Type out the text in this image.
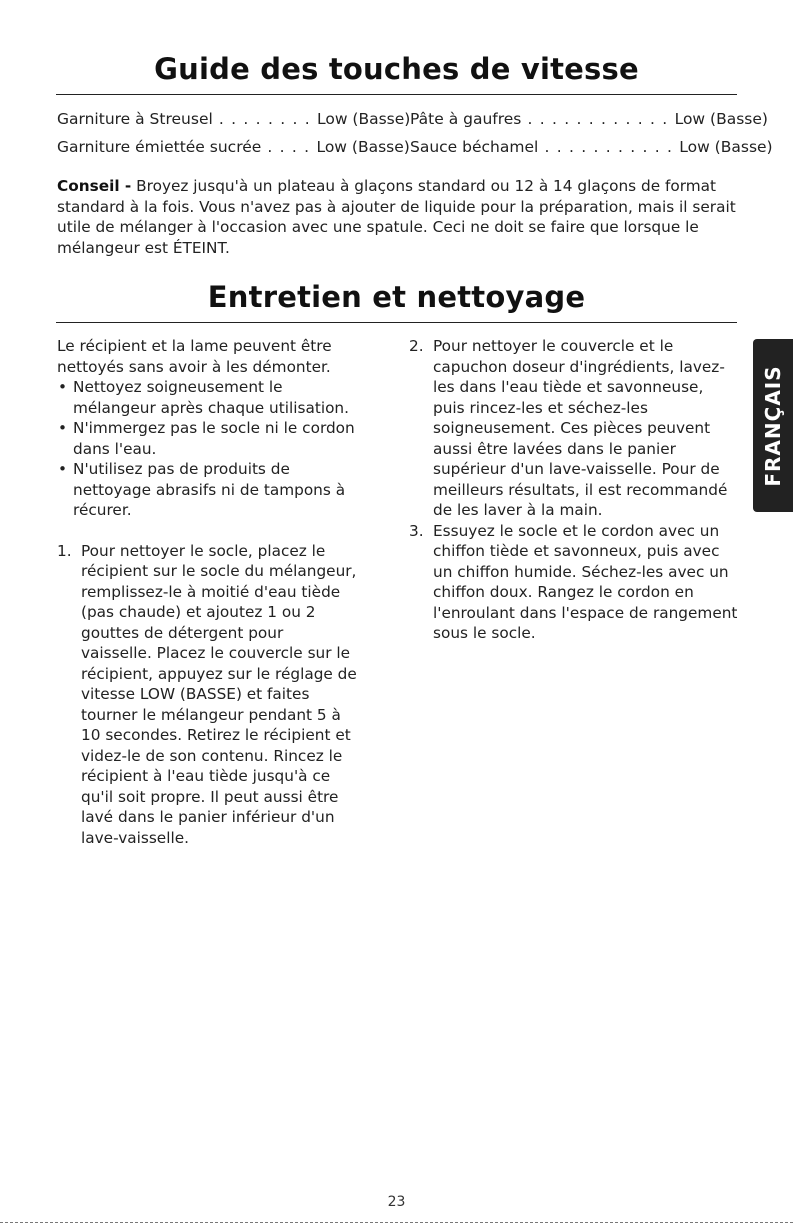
Guide des touches de vitesse
Garniture à Streusel . . . . . . . . Low (Basse)
Garniture émiettée sucrée . . . . Low (Basse)
Pâte à gaufres . . . . . . . . . . . . Low (Basse)
Sauce béchamel . . . . . . . . . . . Low (Basse)
Conseil - Broyez jusqu'à un plateau à glaçons standard ou 12 à 14 glaçons de format standard à la fois. Vous n'avez pas à ajouter de liquide pour la préparation, mais il serait utile de mélanger à l'occasion avec une spatule. Ceci ne doit se faire que lorsque le mélangeur est ÉTEINT.
Entretien et nettoyage

Le récipient et la lame peuvent être nettoyés sans avoir à les démonter.

• Nettoyez soigneusement le mélangeur après chaque utilisation.
• N'immergez pas le socle ni le cordon dans l'eau.
• N'utilisez pas de produits de nettoyage abrasifs ni de tampons à récurer.
1. Pour nettoyer le socle, placez le récipient sur le socle du mélangeur, remplissez-le à moitié d'eau tiède (pas chaude) et ajoutez 1 ou 2 gouttes de détergent pour vaisselle. Placez le couvercle sur le récipient, appuyez sur le réglage de vitesse LOW (BASSE) et faites tourner le mélangeur pendant 5 à 10 secondes. Retirez le récipient et videz-le de son contenu. Rincez le récipient à l'eau tiède jusqu'à ce qu'il soit propre. Il peut aussi être lavé dans le panier inférieur d'un lave-vaisselle.
2. Pour nettoyer le couvercle et le capuchon doseur d'ingrédients, lavez-les dans l'eau tiède et savonneuse, puis rincez-les et séchez-les soigneusement. Ces pièces peuvent aussi être lavées dans le panier supérieur d'un lave-vaisselle. Pour de meilleurs résultats, il est recommandé de les laver à la main.
3. Essuyez le socle et le cordon avec un chiffon tiède et savonneux, puis avec un chiffon humide. Séchez-les avec un chiffon doux. Rangez le cordon en l'enroulant dans l'espace de rangement sous le socle.
FRANÇAIS
23
